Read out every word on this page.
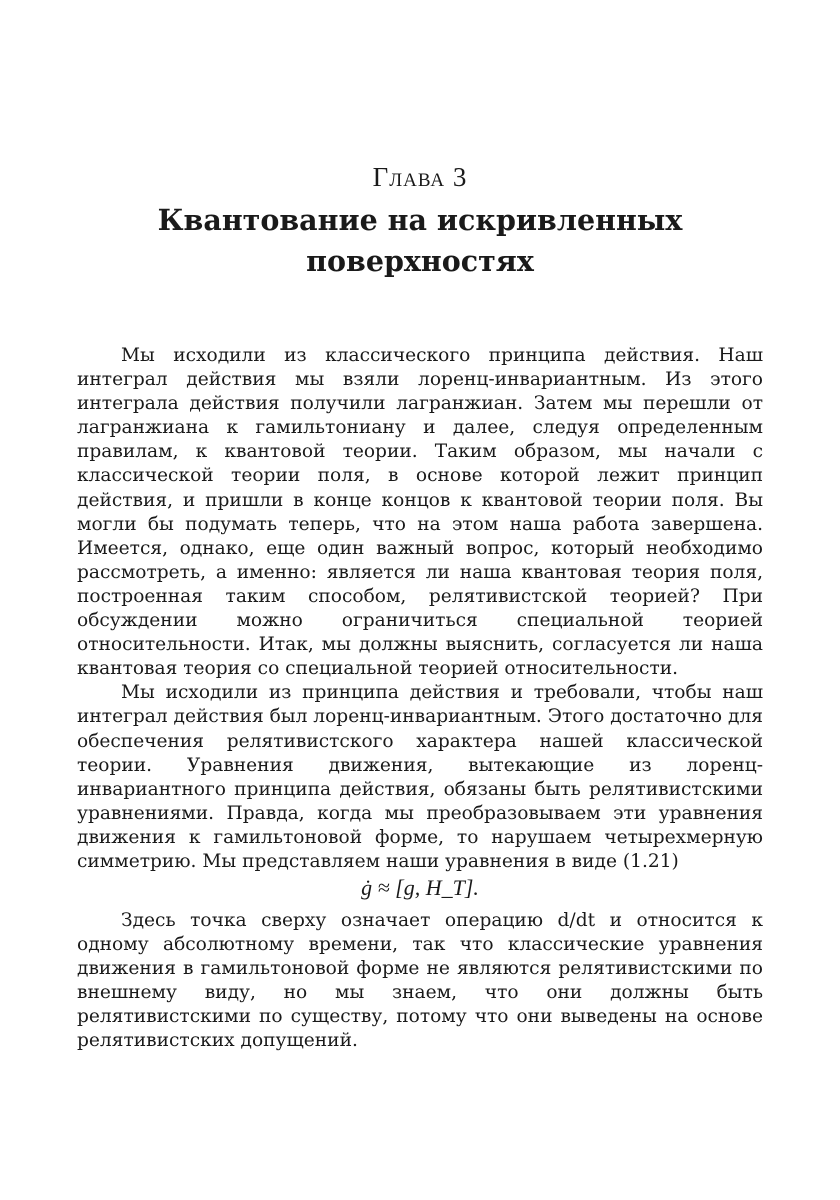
Глава 3
Квантование на искривленных
поверхностях

Мы исходили из классического принципа действия. Наш интеграл действия мы взяли лоренц-инвариантным. Из этого интеграла действия получили лагранжиан. Затем мы перешли от лагранжиана к гамильтониану и далее, следуя определенным правилам, к квантовой теории. Таким образом, мы начали с классической теории поля, в основе которой лежит принцип действия, и пришли в конце концов к квантовой теории поля. Вы могли бы подумать теперь, что на этом наша работа завершена. Имеется, однако, еще один важный вопрос, который необходимо рассмотреть, а именно: является ли наша квантовая теория поля, построенная таким способом, релятивистской теорией? При обсуждении можно ограничиться специальной теорией относительности. Итак, мы должны выяснить, согласуется ли наша квантовая теория со специальной теорией относительности.

Мы исходили из принципа действия и требовали, чтобы наш интеграл действия был лоренц-инвариантным. Этого достаточно для обеспечения релятивистского характера нашей классической теории. Уравнения движения, вытекающие из лоренц-инвариантного принципа действия, обязаны быть релятивистскими уравнениями. Правда, когда мы преобразовываем эти уравнения движения к гамильтоновой форме, то нарушаем четырехмерную симметрию. Мы представляем наши уравнения в виде (1.21)

ġ ≈ [g, H_T].

Здесь точка сверху означает операцию d/dt и относится к одному абсолютному времени, так что классические уравнения движения в гамильтоновой форме не являются релятивистскими по внешнему виду, но мы знаем, что они должны быть релятивистскими по существу, потому что они выведены на основе релятивистских допущений.
